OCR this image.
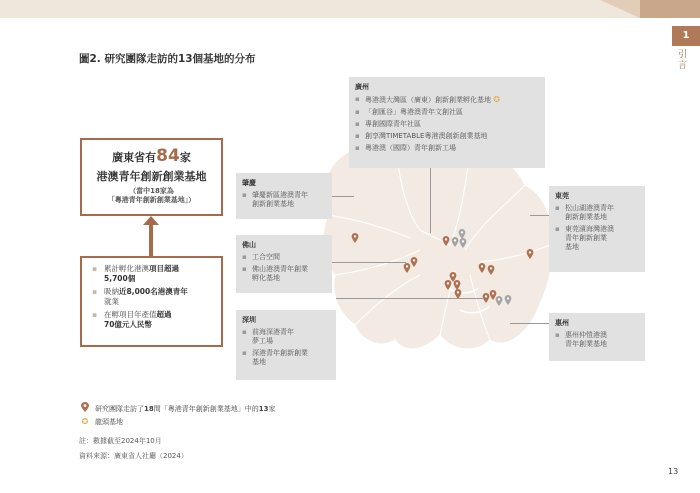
1
引言
圖2. 研究團隊走訪的13個基地的分布
廣東省有84家
港澳青年創新創業基地
（當中18家為
「粵港青年創新創業基地」）
▪ 累計孵化港澳項目超過
5,700個
▪ 吸納近8,000名港澳青年
就業
▪ 在孵項目年產值超過
70億元人民幣
廣州
▪ 粵港澳大灣區（廣東）創新創業孵化基地 ✪
▪ 「創匯谷」粵港澳青年文創社區
▪ 專創國際青年社區
▪ 創享灣TIMETABLE粵港澳創新創業基地
▪ 粵港澳（國際）青年創新工場
肇慶
▪ 肇慶新區港澳青年
創新創業基地
佛山
▪ 工合空間
▪ 佛山港澳青年創業
孵化基地
深圳
▪ 前海深港青年
夢工場
▪ 深港青年創新創業
基地
東莞
▪ 松山湖港澳青年
創新創業基地
▪ 東莞濱海灣港澳
青年創新創業
基地
惠州
▪ 惠州仲愷港澳
青年創業基地
研究團隊走訪了 18 間「粵港青年創新創業基地」中的 13 家
✪ 龍頭基地
註：數據截至2024年10月
資料來源：廣東省人社廳（2024）
13
